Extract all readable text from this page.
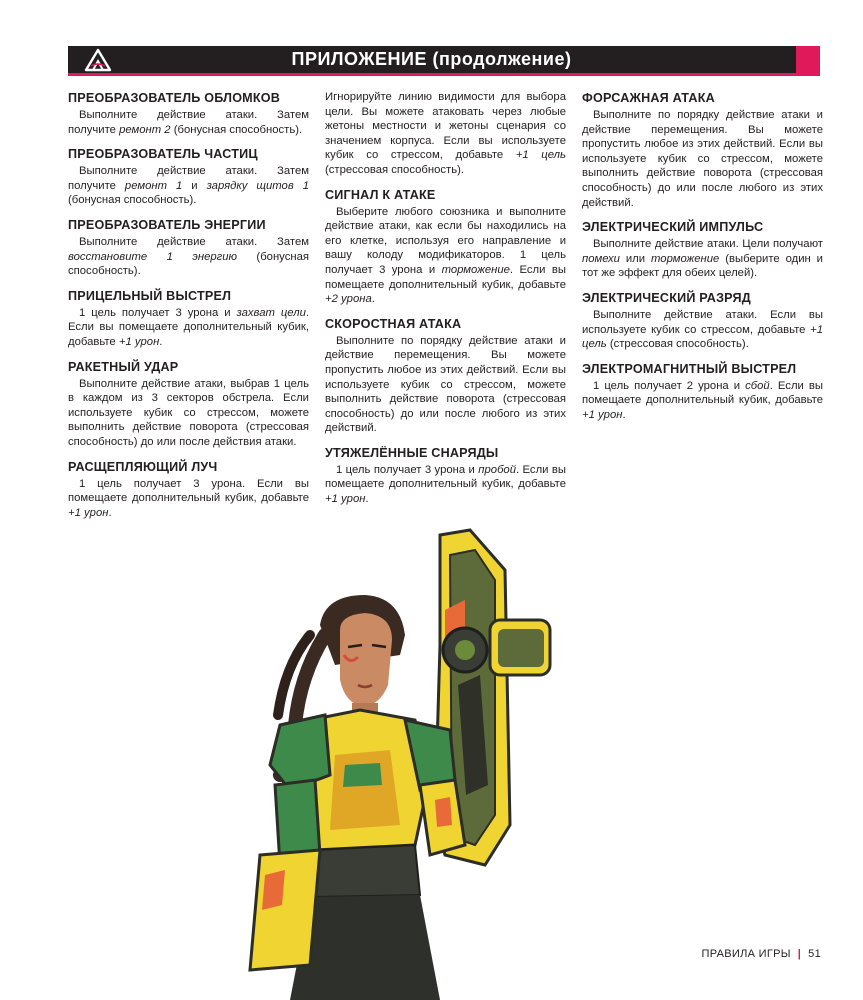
ПРИЛОЖЕНИЕ (продолжение)
ПРЕОБРАЗОВАТЕЛЬ ОБЛОМКОВ

Выполните действие атаки. Затем получите ремонт 2 (бонусная способность).

ПРЕОБРАЗОВАТЕЛЬ ЧАСТИЦ

Выполните действие атаки. Затем получите ремонт 1 и зарядку щитов 1 (бонусная способность).

ПРЕОБРАЗОВАТЕЛЬ ЭНЕРГИИ

Выполните действие атаки. Затем восстановите 1 энергию (бонусная способность).

ПРИЦЕЛЬНЫЙ ВЫСТРЕЛ

1 цель получает 3 урона и захват цели. Если вы помещаете дополнительный кубик, добавьте +1 урон.

РАКЕТНЫЙ УДАР

Выполните действие атаки, выбрав 1 цель в каждом из 3 секторов обстрела. Если используете кубик со стрессом, можете выполнить действие поворота (стрессовая способность) до или после действия атаки.

РАСЩЕПЛЯЮЩИЙ ЛУЧ

1 цель получает 3 урона. Если вы помещаете дополнительный кубик, добавьте +1 урон.

Игнорируйте линию видимости для выбора цели. Вы можете атаковать через любые жетоны местности и жетоны сценария со значением корпуса. Если вы используете кубик со стрессом, добавьте +1 цель (стрессовая способность).

СИГНАЛ К АТАКЕ

Выберите любого союзника и выполните действие атаки, как если бы находились на его клетке, используя его направление и вашу колоду модификаторов. 1 цель получает 3 урона и торможение. Если вы помещаете дополнительный кубик, добавьте +2 урона.

СКОРОСТНАЯ АТАКА

Выполните по порядку действие атаки и действие перемещения. Вы можете пропустить любое из этих действий. Если вы используете кубик со стрессом, можете выполнить действие поворота (стрессовая способность) до или после любого из этих действий.

УТЯЖЕЛЁННЫЕ СНАРЯДЫ

1 цель получает 3 урона и пробой. Если вы помещаете дополнительный кубик, добавьте +1 урон.

ФОРСАЖНАЯ АТАКА

Выполните по порядку действие атаки и действие перемещения. Вы можете пропустить любое из этих действий. Если вы используете кубик со стрессом, можете выполнить действие поворота (стрессовая способность) до или после любого из этих действий.

ЭЛЕКТРИЧЕСКИЙ ИМПУЛЬС

Выполните действие атаки. Цели получают помехи или торможение (выберите один и тот же эффект для обеих целей).

ЭЛЕКТРИЧЕСКИЙ РАЗРЯД

Выполните действие атаки. Если вы используете кубик со стрессом, добавьте +1 цель (стрессовая способность).

ЭЛЕКТРОМАГНИТНЫЙ ВЫСТРЕЛ

1 цель получает 2 урона и сбой. Если вы помещаете дополнительный кубик, добавьте +1 урон.

ПРАВИЛА ИГРЫ | 51
